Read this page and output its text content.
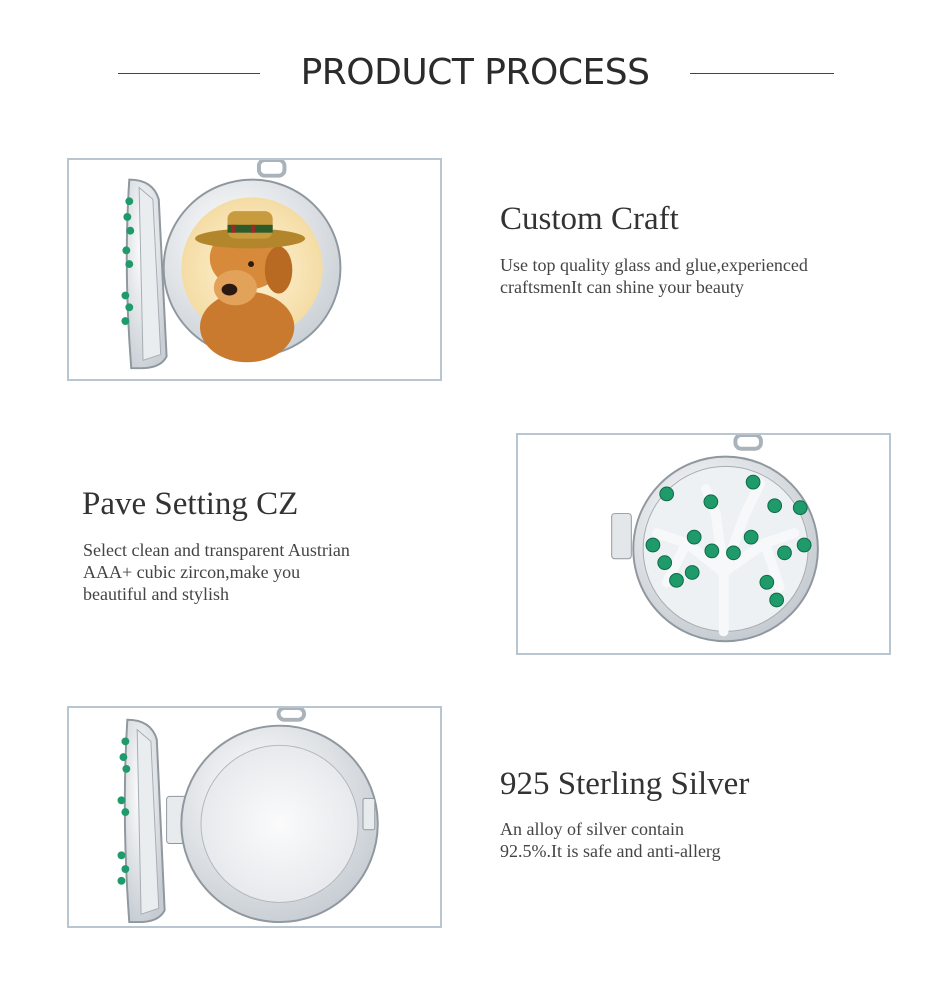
PRODUCT PROCESS
Custom Craft
Use top quality glass and glue,experienced
craftsmenIt can shine your beauty
Pave Setting CZ
Select clean and transparent Austrian
AAA+ cubic zircon,make you
beautiful and stylish
925 Sterling Silver
An alloy of silver contain
92.5%.It is safe and anti-allerg
